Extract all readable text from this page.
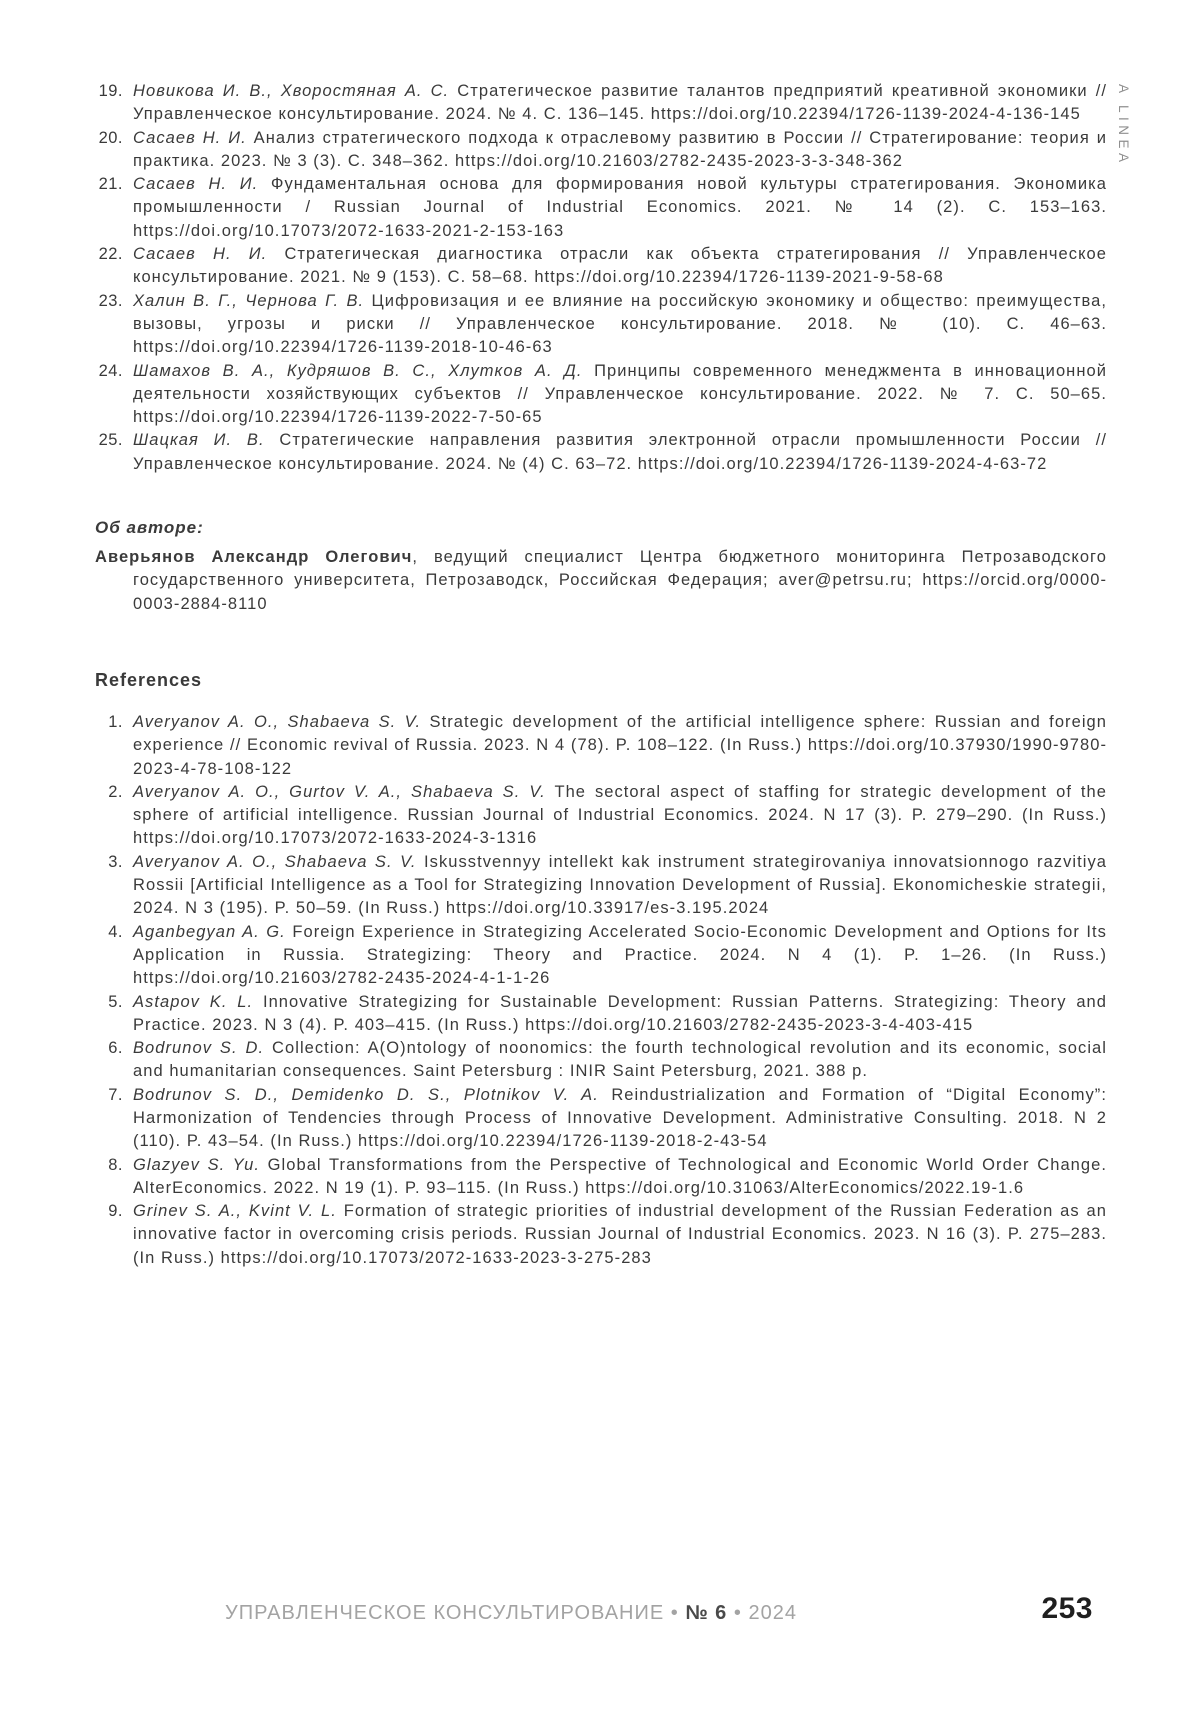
A LINEA
19. Новикова И. В., Хворостяная А. С. Стратегическое развитие талантов предприятий креативной экономики // Управленческое консультирование. 2024. № 4. С. 136–145. https://doi.org/10.22394/1726-1139-2024-4-136-145
20. Сасаев Н. И. Анализ стратегического подхода к отраслевому развитию в России // Стратегирование: теория и практика. 2023. № 3 (3). С. 348–362. https://doi.org/10.21603/2782-2435-2023-3-3-348-362
21. Сасаев Н. И. Фундаментальная основа для формирования новой культуры стратегирования. Экономика промышленности / Russian Journal of Industrial Economics. 2021. № 14 (2). С. 153–163. https://doi.org/10.17073/2072-1633-2021-2-153-163
22. Сасаев Н. И. Стратегическая диагностика отрасли как объекта стратегирования // Управленческое консультирование. 2021. № 9 (153). С. 58–68. https://doi.org/10.22394/1726-1139-2021-9-58-68
23. Халин В. Г., Чернова Г. В. Цифровизация и ее влияние на российскую экономику и общество: преимущества, вызовы, угрозы и риски // Управленческое консультирование. 2018. № (10). С. 46–63. https://doi.org/10.22394/1726-1139-2018-10-46-63
24. Шамахов В. А., Кудряшов В. С., Хлутков А. Д. Принципы современного менеджмента в инновационной деятельности хозяйствующих субъектов // Управленческое консультирование. 2022. № 7. С. 50–65. https://doi.org/10.22394/1726-1139-2022-7-50-65
25. Шацкая И. В. Стратегические направления развития электронной отрасли промышленности России // Управленческое консультирование. 2024. № (4) С. 63–72. https://doi.org/10.22394/1726-1139-2024-4-63-72

Об авторе:

Аверьянов Александр Олегович, ведущий специалист Центра бюджетного мониторинга Петрозаводского государственного университета, Петрозаводск, Российская Федерация; aver@petrsu.ru; https://orcid.org/0000-0003-2884-8110

References
1. Averyanov A. O., Shabaeva S. V. Strategic development of the artificial intelligence sphere: Russian and foreign experience // Economic revival of Russia. 2023. N 4 (78). P. 108–122. (In Russ.) https://doi.org/10.37930/1990-9780-2023-4-78-108-122
2. Averyanov A. O., Gurtov V. A., Shabaeva S. V. The sectoral aspect of staffing for strategic development of the sphere of artificial intelligence. Russian Journal of Industrial Economics. 2024. N 17 (3). P. 279–290. (In Russ.) https://doi.org/10.17073/2072-1633-2024-3-1316
3. Averyanov A. O., Shabaeva S. V. Iskusstvennyy intellekt kak instrument strategirovaniya innovatsionnogo razvitiya Rossii [Artificial Intelligence as a Tool for Strategizing Innovation Development of Russia]. Ekonomicheskie strategii, 2024. N 3 (195). P. 50–59. (In Russ.) https://doi.org/10.33917/es-3.195.2024
4. Aganbegyan A. G. Foreign Experience in Strategizing Accelerated Socio-Economic Development and Options for Its Application in Russia. Strategizing: Theory and Practice. 2024. N 4 (1). P. 1–26. (In Russ.) https://doi.org/10.21603/2782-2435-2024-4-1-1-26
5. Astapov K. L. Innovative Strategizing for Sustainable Development: Russian Patterns. Strategizing: Theory and Practice. 2023. N 3 (4). P. 403–415. (In Russ.) https://doi.org/10.21603/2782-2435-2023-3-4-403-415
6. Bodrunov S. D. Collection: A(O)ntology of noonomics: the fourth technological revolution and its economic, social and humanitarian consequences. Saint Petersburg : INIR Saint Petersburg, 2021. 388 p.
7. Bodrunov S. D., Demidenko D. S., Plotnikov V. A. Reindustrialization and Formation of “Digital Economy”: Harmonization of Tendencies through Process of Innovative Development. Administrative Consulting. 2018. N 2 (110). P. 43–54. (In Russ.) https://doi.org/10.22394/1726-1139-2018-2-43-54
8. Glazyev S. Yu. Global Transformations from the Perspective of Technological and Economic World Order Change. AlterEconomics. 2022. N 19 (1). P. 93–115. (In Russ.) https://doi.org/10.31063/AlterEconomics/2022.19-1.6
9. Grinev S. A., Kvint V. L. Formation of strategic priorities of industrial development of the Russian Federation as an innovative factor in overcoming crisis periods. Russian Journal of Industrial Economics. 2023. N 16 (3). P. 275–283. (In Russ.) https://doi.org/10.17073/2072-1633-2023-3-275-283
УПРАВЛЕНЧЕСКОЕ КОНСУЛЬТИРОВАНИЕ • № 6 • 2024	253
